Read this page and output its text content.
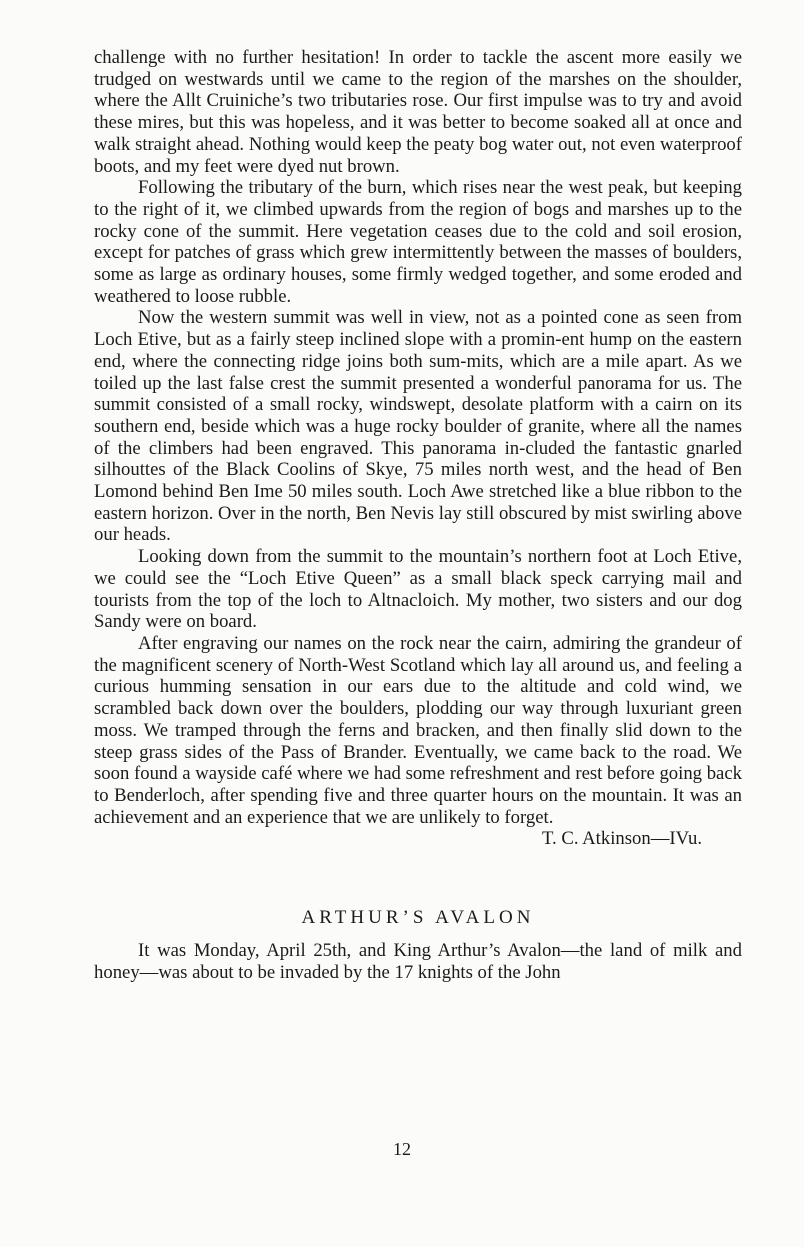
challenge with no further hesitation! In order to tackle the ascent more easily we trudged on westwards until we came to the region of the marshes on the shoulder, where the Allt Cruiniche’s two tributaries rose. Our first impulse was to try and avoid these mires, but this was hopeless, and it was better to become soaked all at once and walk straight ahead. Nothing would keep the peaty bog water out, not even waterproof boots, and my feet were dyed nut brown.

Following the tributary of the burn, which rises near the west peak, but keeping to the right of it, we climbed upwards from the region of bogs and marshes up to the rocky cone of the summit. Here vegetation ceases due to the cold and soil erosion, except for patches of grass which grew intermittently between the masses of boulders, some as large as ordinary houses, some firmly wedged together, and some eroded and weathered to loose rubble.

Now the western summit was well in view, not as a pointed cone as seen from Loch Etive, but as a fairly steep inclined slope with a promin-ent hump on the eastern end, where the connecting ridge joins both sum-mits, which are a mile apart. As we toiled up the last false crest the summit presented a wonderful panorama for us. The summit consisted of a small rocky, windswept, desolate platform with a cairn on its southern end, beside which was a huge rocky boulder of granite, where all the names of the climbers had been engraved. This panorama in-cluded the fantastic gnarled silhouttes of the Black Coolins of Skye, 75 miles north west, and the head of Ben Lomond behind Ben Ime 50 miles south. Loch Awe stretched like a blue ribbon to the eastern horizon. Over in the north, Ben Nevis lay still obscured by mist swirling above our heads.

Looking down from the summit to the mountain’s northern foot at Loch Etive, we could see the “Loch Etive Queen” as a small black speck carrying mail and tourists from the top of the loch to Altnacloich. My mother, two sisters and our dog Sandy were on board.

After engraving our names on the rock near the cairn, admiring the grandeur of the magnificent scenery of North-West Scotland which lay all around us, and feeling a curious humming sensation in our ears due to the altitude and cold wind, we scrambled back down over the boulders, plodding our way through luxuriant green moss. We tramped through the ferns and bracken, and then finally slid down to the steep grass sides of the Pass of Brander. Eventually, we came back to the road. We soon found a wayside café where we had some refreshment and rest before going back to Benderloch, after spending five and three quarter hours on the mountain. It was an achievement and an experience that we are unlikely to forget.

T. C. Atkinson—IVu.
ARTHUR’S AVALON

It was Monday, April 25th, and King Arthur’s Avalon—the land of milk and honey—was about to be invaded by the 17 knights of the John

12
